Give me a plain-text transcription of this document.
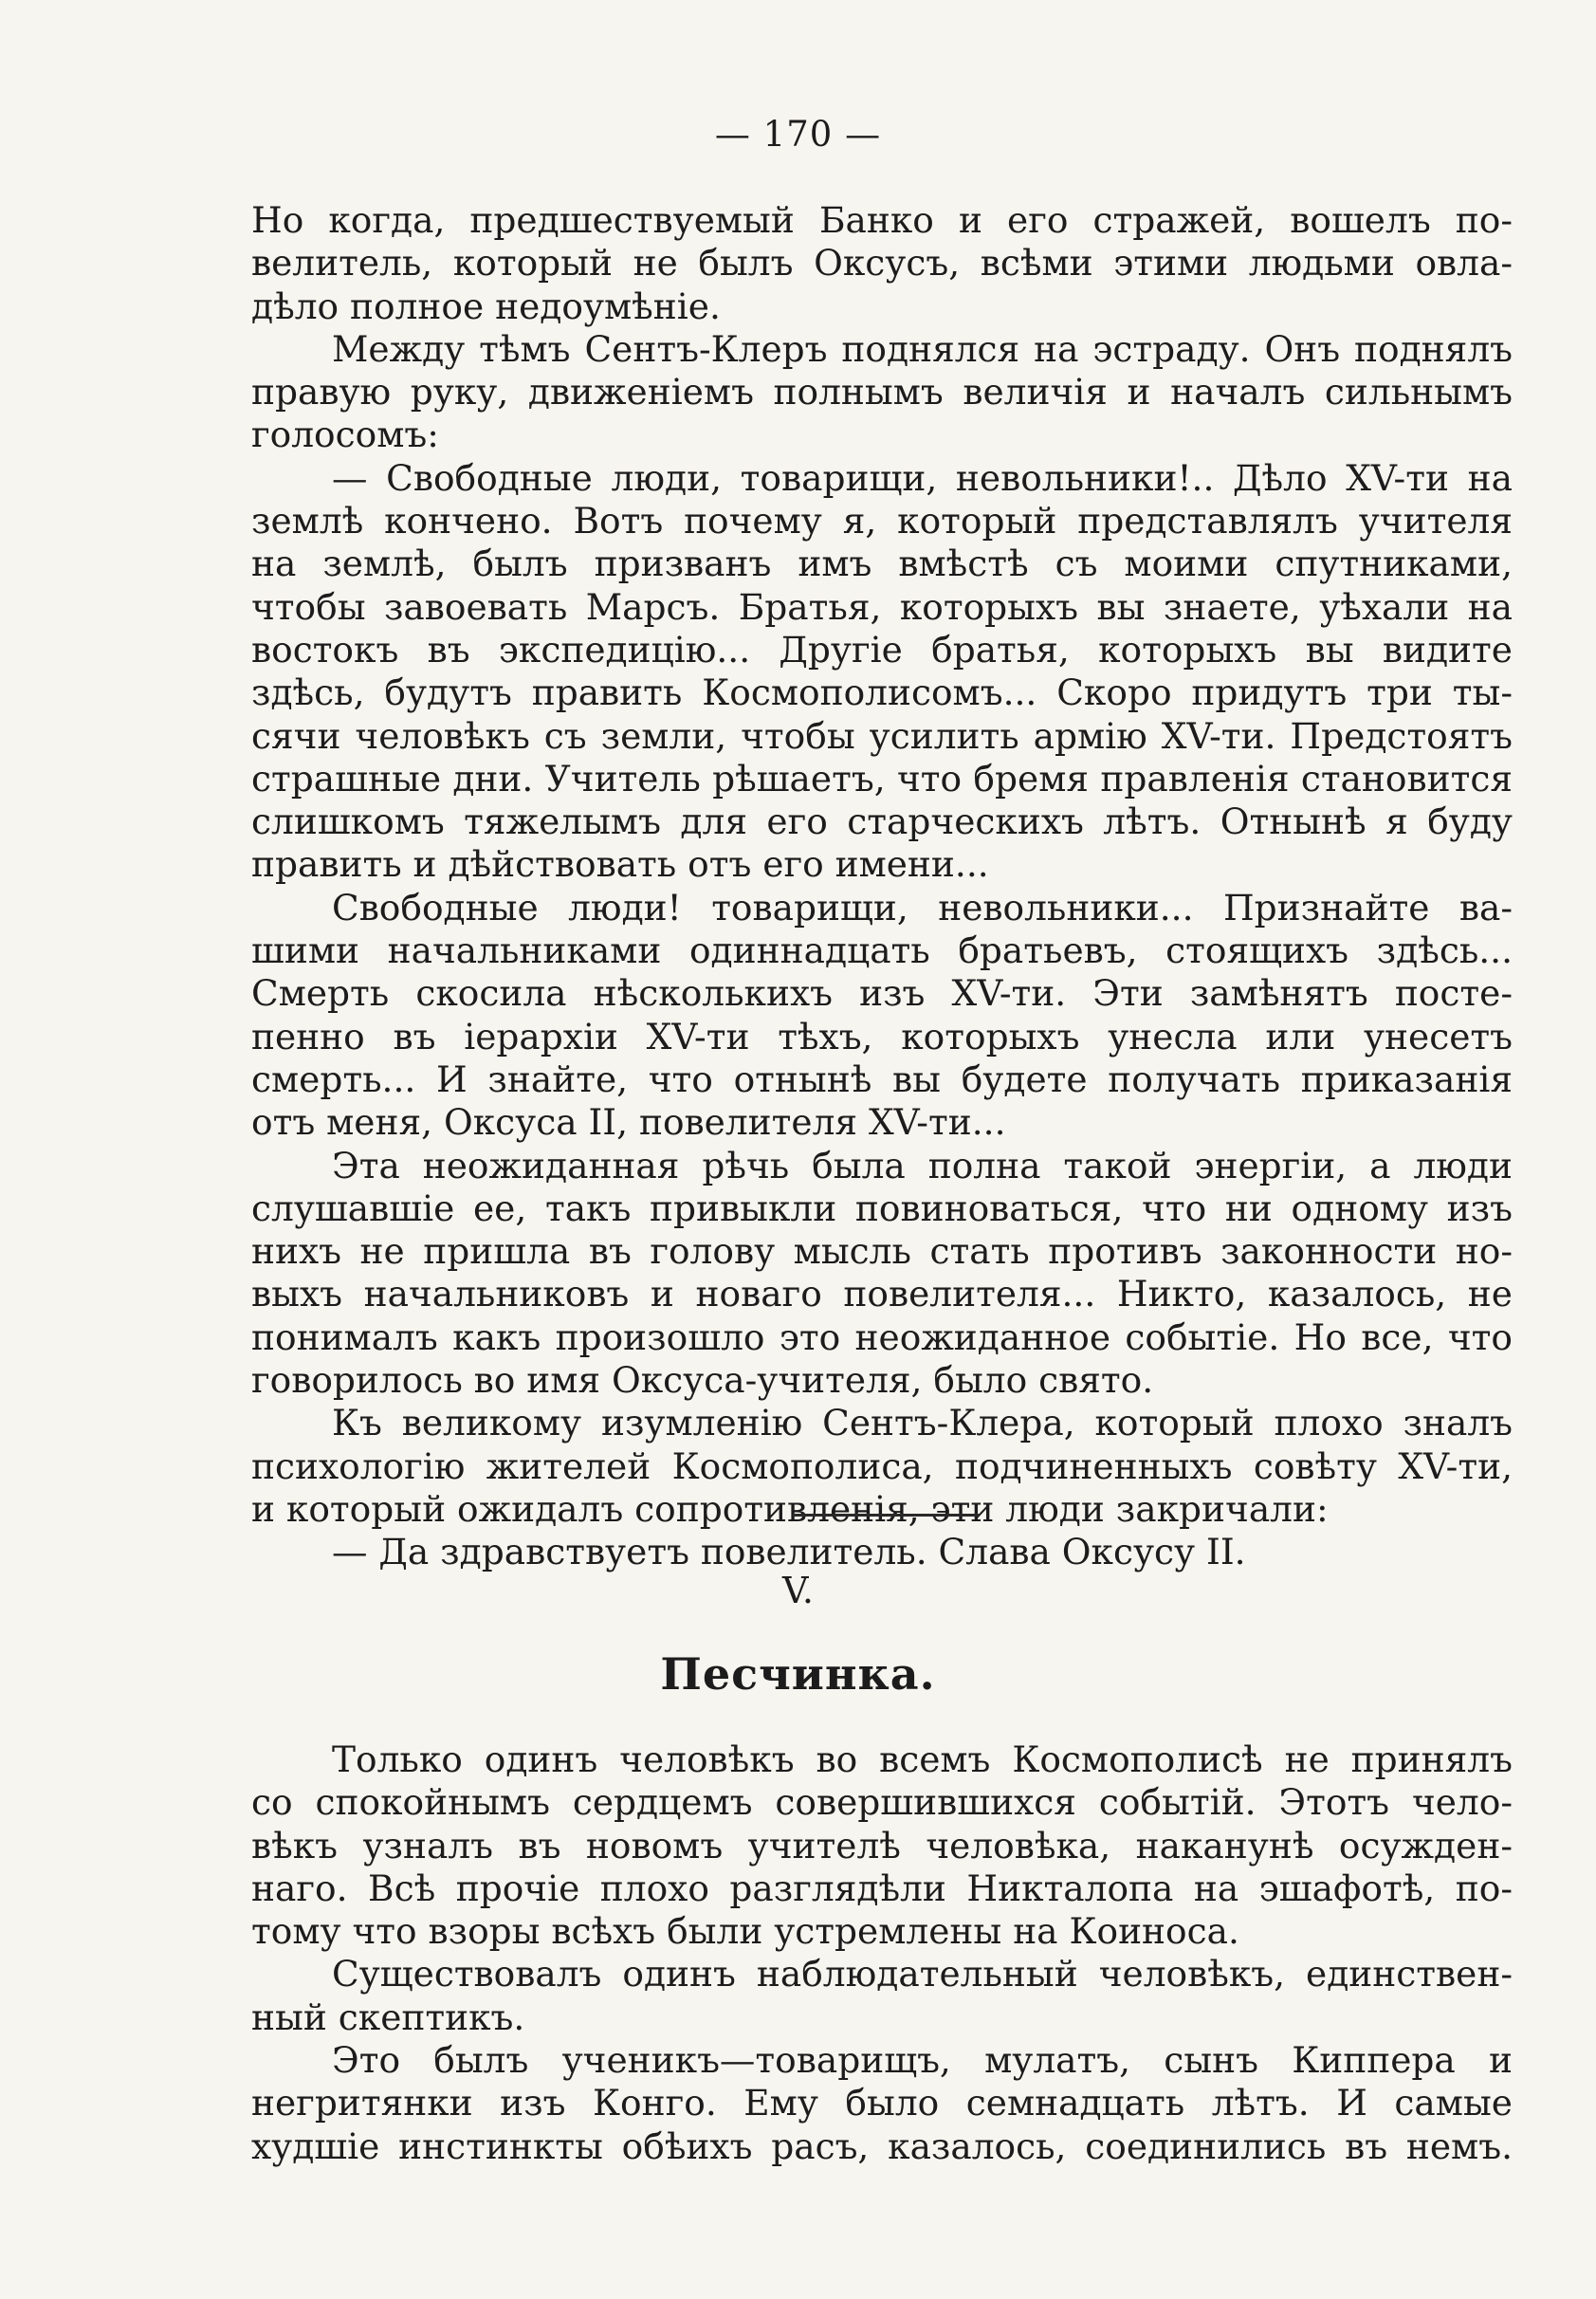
— 170 —

Но когда, предшествуемый Банко и его стражей, вошелъ по-

велитель, который не былъ Оксусъ, всѣми этими людьми овла-

дѣло полное недоумѣніе.

Между тѣмъ Сентъ-Клеръ поднялся на эстраду. Онъ поднялъ

правую руку, движеніемъ полнымъ величія и началъ сильнымъ

голосомъ:

— Свободные люди, товарищи, невольники!.. Дѣло XV-ти на

землѣ кончено. Вотъ почему я, который представлялъ учителя

на землѣ, былъ призванъ имъ вмѣстѣ съ моими спутниками,

чтобы завоевать Марсъ. Братья, которыхъ вы знаете, уѣхали на

востокъ въ экспедицію... Другіе братья, которыхъ вы видите

здѣсь, будутъ править Космополисомъ... Скоро придутъ три ты-

сячи человѣкъ съ земли, чтобы усилить армію XV-ти. Предстоятъ

страшные дни. Учитель рѣшаетъ, что бремя правленія становится

слишкомъ тяжелымъ для его старческихъ лѣтъ. Отнынѣ я буду

править и дѣйствовать отъ его имени...

Свободные люди! товарищи, невольники... Признайте ва-

шими начальниками одиннадцать братьевъ, стоящихъ здѣсь...

Смерть скосила нѣсколькихъ изъ XV-ти. Эти замѣнятъ посте-

пенно въ іерархіи XV-ти тѣхъ, которыхъ унесла или унесетъ

смерть... И знайте, что отнынѣ вы будете получать приказанія

отъ меня, Оксуса II, повелителя XV-ти...

Эта неожиданная рѣчь была полна такой энергіи, а люди

слушавшіе ее, такъ привыкли повиноваться, что ни одному изъ

нихъ не пришла въ голову мысль стать противъ законности но-

выхъ начальниковъ и новаго повелителя... Никто, казалось, не

понималъ какъ произошло это неожиданное событіе. Но все, что

говорилось во имя Оксуса-учителя, было свято.

Къ великому изумленію Сентъ-Клера, который плохо зналъ

психологію жителей Космополиса, подчиненныхъ совѣту XV-ти,

и который ожидалъ сопротивленія, эти люди закричали:

— Да здравствуетъ повелитель. Слава Оксусу II.

V.
Песчинка.

Только одинъ человѣкъ во всемъ Космополисѣ не принялъ

со спокойнымъ сердцемъ совершившихся событій. Этотъ чело-

вѣкъ узналъ въ новомъ учителѣ человѣка, наканунѣ осужден-

наго. Всѣ прочіе плохо разглядѣли Никталопа на эшафотѣ, по-

тому что взоры всѣхъ были устремлены на Коиноса.

Существовалъ одинъ наблюдательный человѣкъ, единствен-

ный скептикъ.

Это былъ ученикъ—товарищъ, мулатъ, сынъ Киппера и

негритянки изъ Конго. Ему было семнадцать лѣтъ. И самые

худшіе инстинкты обѣихъ расъ, казалось, соединились въ немъ.
